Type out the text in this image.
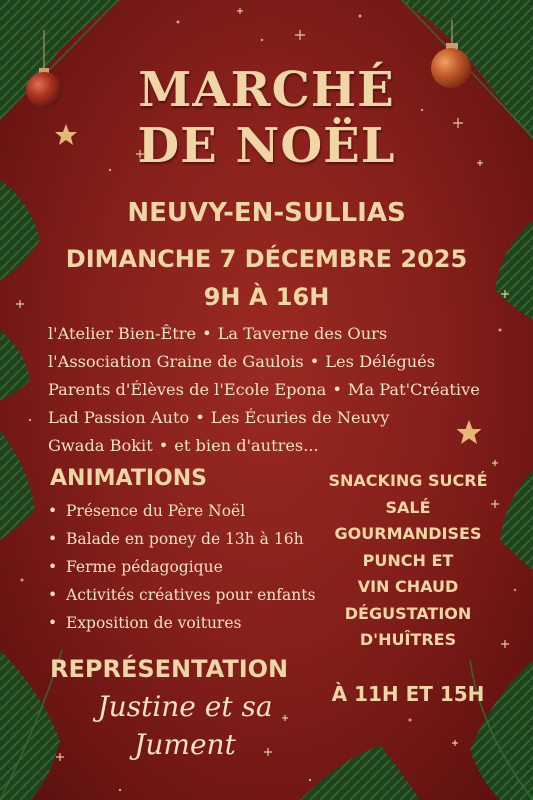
MARCHÉ
DE NOËL
NEUVY-EN-SULLIAS
DIMANCHE 7 DÉCEMBRE 2025
9H À 16H
l'Atelier Bien-Être • La Taverne des Ours
l'Association Graine de Gaulois • Les Délégués
Parents d'Élèves de l'Ecole Epona • Ma Pat'Créative
Lad Passion Auto • Les Écuries de Neuvy
Gwada Bokit • et bien d'autres...
ANIMATIONS
• Présence du Père Noël
• Balade en poney de 13h à 16h
• Ferme pédagogique
• Activités créatives pour enfants
• Exposition de voitures
SNACKING SUCRÉ
SALÉ
GOURMANDISES
PUNCH ET
VIN CHAUD
DÉGUSTATION
D'HUÎTRES
REPRÉSENTATION
Justine et sa
Jument
À 11H ET 15H
